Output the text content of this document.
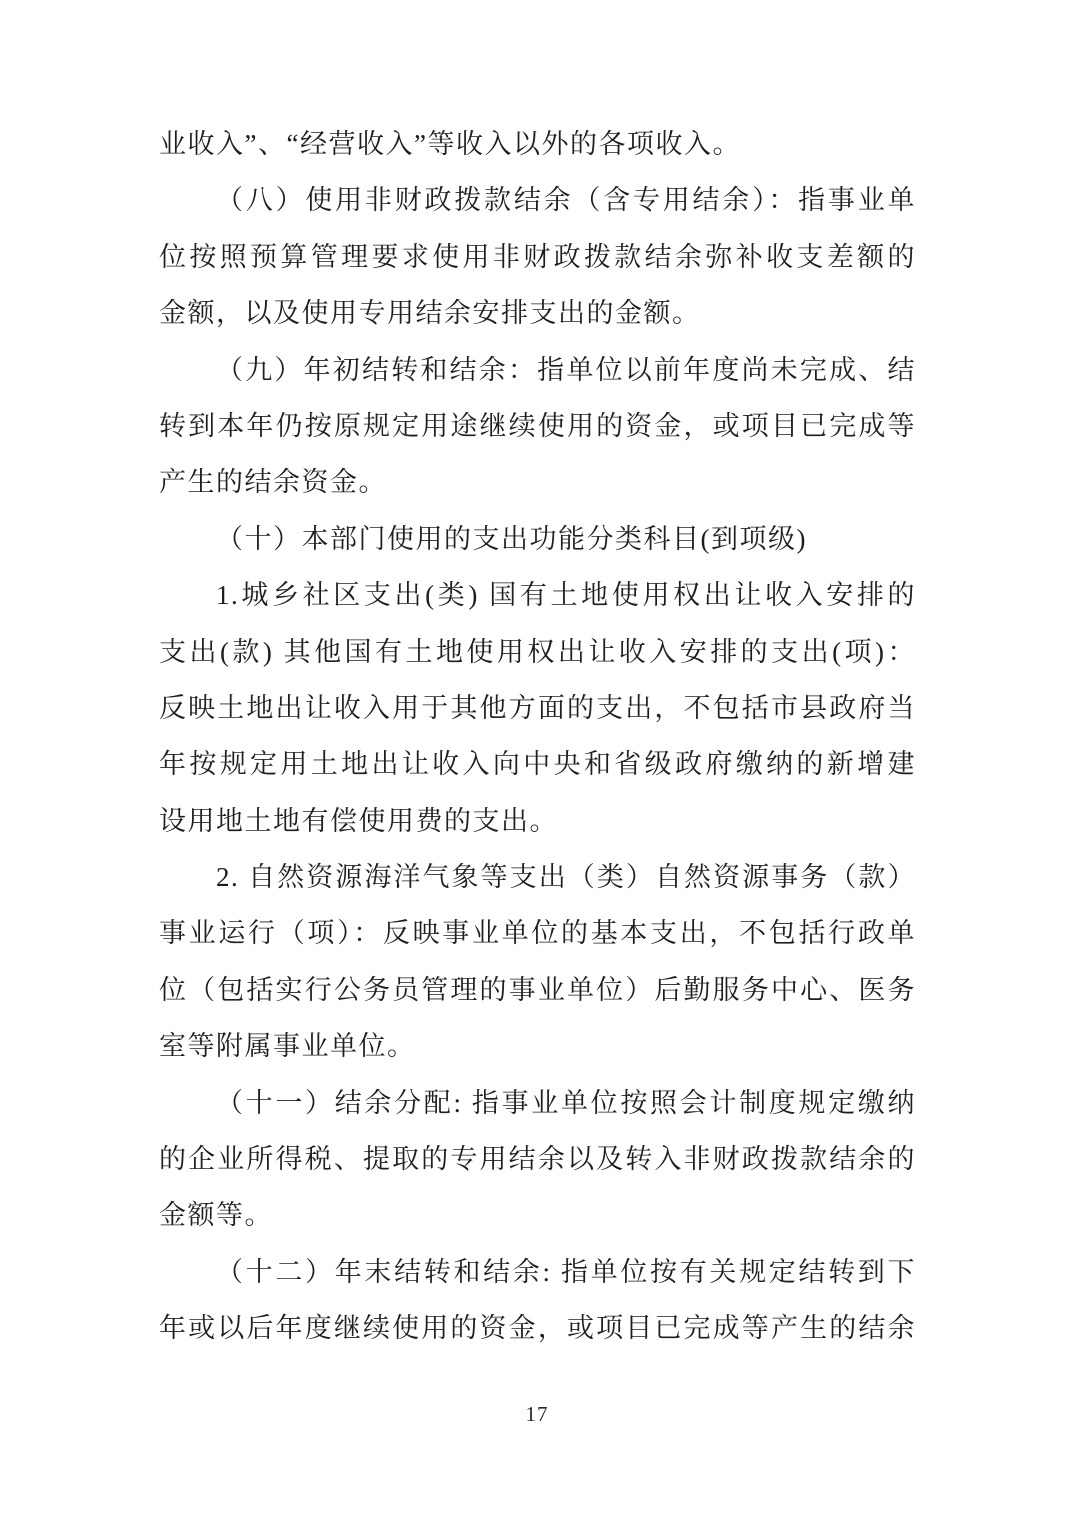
业收入”、“经营收入”等收入以外的各项收入。
（八）使用非财政拨款结余（含专用结余）：指事业单
位按照预算管理要求使用非财政拨款结余弥补收支差额的
金额，以及使用专用结余安排支出的金额。
（九）年初结转和结余：指单位以前年度尚未完成、结
转到本年仍按原规定用途继续使用的资金，或项目已完成等
产生的结余资金。
（十）本部门使用的支出功能分类科目(到项级)
1.城乡社区支出(类) 国有土地使用权出让收入安排的
支出(款) 其他国有土地使用权出让收入安排的支出(项)：
反映土地出让收入用于其他方面的支出，不包括市县政府当
年按规定用土地出让收入向中央和省级政府缴纳的新增建
设用地土地有偿使用费的支出。
2. 自然资源海洋气象等支出（类）自然资源事务（款）
事业运行（项）：反映事业单位的基本支出，不包括行政单
位（包括实行公务员管理的事业单位）后勤服务中心、医务
室等附属事业单位。
（十一）结余分配: 指事业单位按照会计制度规定缴纳
的企业所得税、提取的专用结余以及转入非财政拨款结余的
金额等。
（十二）年末结转和结余: 指单位按有关规定结转到下
年或以后年度继续使用的资金，或项目已完成等产生的结余
17
